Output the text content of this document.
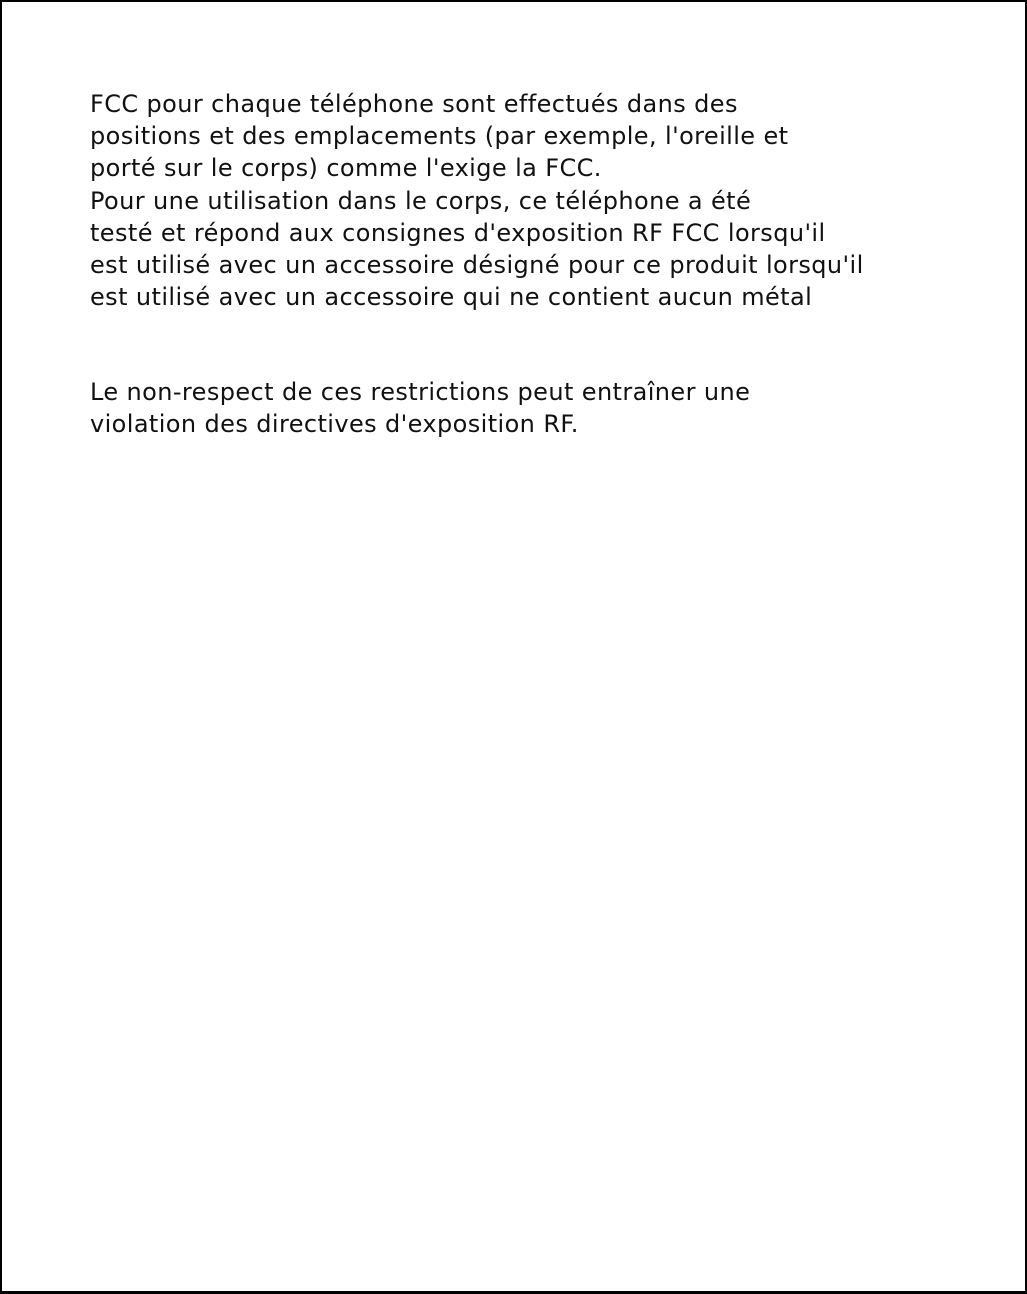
FCC pour chaque téléphone sont effectués dans des
positions et des emplacements (par exemple, l'oreille et
porté sur le corps) comme l'exige la FCC.
Pour une utilisation dans le corps, ce téléphone a été
testé et répond aux consignes d'exposition RF FCC lorsqu'il
est utilisé avec un accessoire désigné pour ce produit lorsqu'il
est utilisé avec un accessoire qui ne contient aucun métal
Le non-respect de ces restrictions peut entraîner une
violation des directives d'exposition RF.
